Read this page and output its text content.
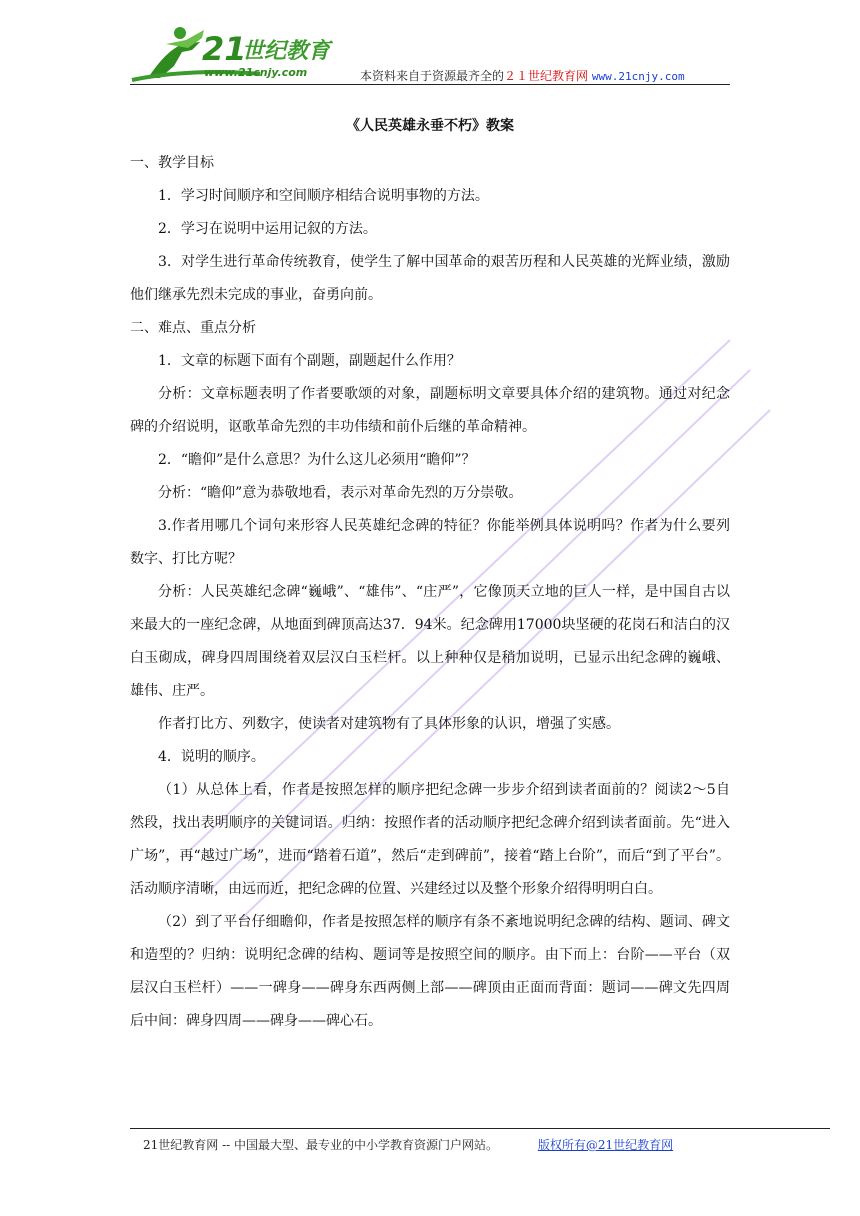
21
世纪教育
www.21cnjy.com	本资料来自于资源最齐全的２１世纪教育网 www.21cnjy.com
《人民英雄永垂不朽》教案

一、教学目标

1．学习时间顺序和空间顺序相结合说明事物的方法。

2．学习在说明中运用记叙的方法。

3．对学生进行革命传统教育，使学生了解中国革命的艰苦历程和人民英雄的光辉业绩，激励他们继承先烈未完成的事业，奋勇向前。

二、难点、重点分析

1．文章的标题下面有个副题，副题起什么作用？

分析：文章标题表明了作者要歌颂的对象，副题标明文章要具体介绍的建筑物。通过对纪念碑的介绍说明，讴歌革命先烈的丰功伟绩和前仆后继的革命精神。

2．“瞻仰”是什么意思？为什么这儿必须用“瞻仰”？

分析：“瞻仰”意为恭敬地看，表示对革命先烈的万分崇敬。

3.作者用哪几个词句来形容人民英雄纪念碑的特征？你能举例具体说明吗？作者为什么要列数字、打比方呢？

分析：人民英雄纪念碑“巍峨”、“雄伟”、“庄严”，它像顶天立地的巨人一样，是中国自古以来最大的一座纪念碑，从地面到碑顶高达37．94米。纪念碑用17000块坚硬的花岗石和洁白的汉白玉砌成，碑身四周围绕着双层汉白玉栏杆。以上种种仅是稍加说明，已显示出纪念碑的巍峨、雄伟、庄严。

作者打比方、列数字，使读者对建筑物有了具体形象的认识，增强了实感。

4．说明的顺序。

（1）从总体上看，作者是按照怎样的顺序把纪念碑一步步介绍到读者面前的？阅读2～5自然段，找出表明顺序的关键词语。归纳：按照作者的活动顺序把纪念碑介绍到读者面前。先“进入广场”，再“越过广场”，进而“踏着石道”，然后“走到碑前”，接着“踏上台阶”，而后“到了平台”。活动顺序清晰，由远而近，把纪念碑的位置、兴建经过以及整个形象介绍得明明白白。

（2）到了平台仔细瞻仰，作者是按照怎样的顺序有条不紊地说明纪念碑的结构、题词、碑文和造型的？归纳：说明纪念碑的结构、题词等是按照空间的顺序。由下而上：台阶——平台（双层汉白玉栏杆）——一碑身——碑身东西两侧上部——碑顶由正面而背面：题词——碑文先四周后中间：碑身四周——碑身——碑心石。

21世纪教育网 -- 中国最大型、最专业的中小学教育资源门户网站。	版权所有@21世纪教育网
